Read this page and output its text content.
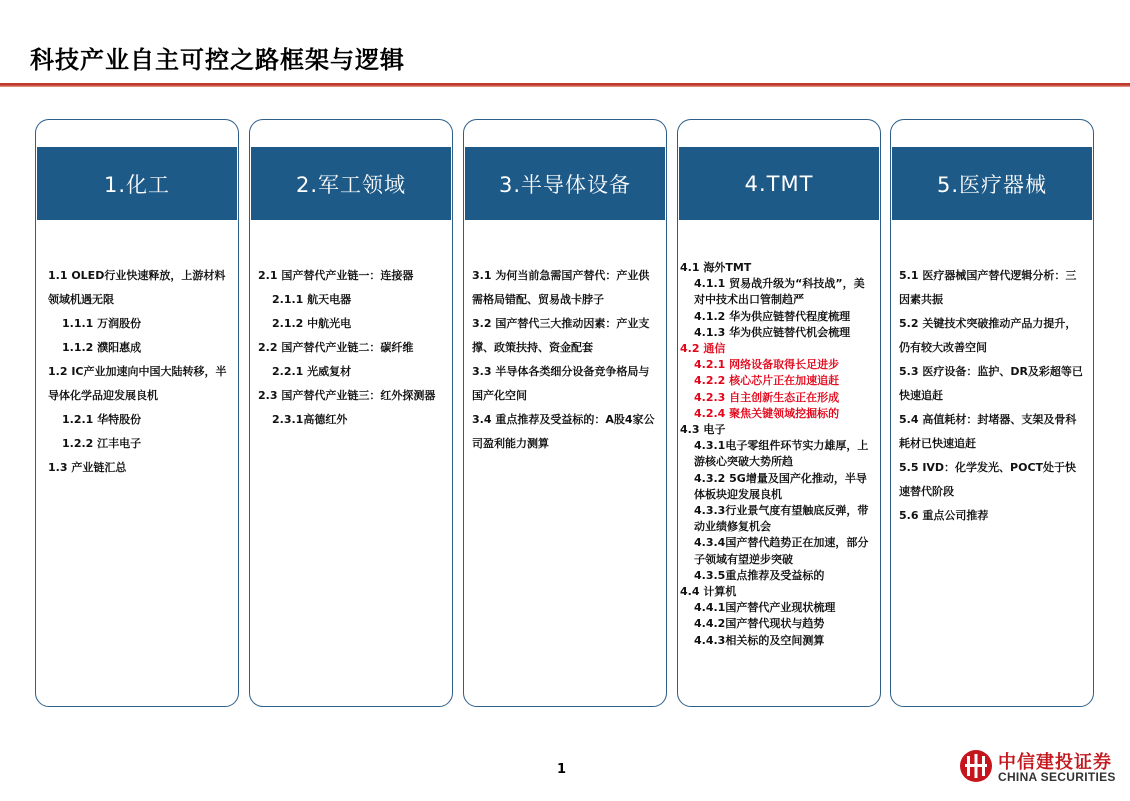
科技产业自主可控之路框架与逻辑
1.化工
1.1 OLED行业快速释放，上游材料领域机遇无限
1.1.1 万润股份
1.1.2 濮阳惠成
1.2 IC产业加速向中国大陆转移，半导体化学品迎发展良机
1.2.1 华特股份
1.2.2 江丰电子
1.3 产业链汇总
2.军工领域
2.1 国产替代产业链一：连接器
2.1.1 航天电器
2.1.2 中航光电
2.2 国产替代产业链二：碳纤维
2.2.1 光威复材
2.3 国产替代产业链三：红外探测器
2.3.1高德红外
3.半导体设备
3.1 为何当前急需国产替代：产业供需格局错配、贸易战卡脖子
3.2 国产替代三大推动因素：产业支撑、政策扶持、资金配套
3.3 半导体各类细分设备竞争格局与国产化空间
3.4 重点推荐及受益标的：A股4家公司盈利能力测算
4.TMT
4.1 海外TMT
4.1.1 贸易战升级为“科技战”，美对中技术出口管制趋严
4.1.2 华为供应链替代程度梳理
4.1.3 华为供应链替代机会梳理
4.2 通信
4.2.1 网络设备取得长足进步
4.2.2 核心芯片正在加速追赶
4.2.3 自主创新生态正在形成
4.2.4 聚焦关键领域挖掘标的
4.3 电子
4.3.1电子零组件环节实力雄厚，上游核心突破大势所趋
4.3.2 5G增量及国产化推动，半导体板块迎发展良机
4.3.3行业景气度有望触底反弹，带动业绩修复机会
4.3.4国产替代趋势正在加速，部分子领域有望逆步突破
4.3.5重点推荐及受益标的
4.4 计算机
4.4.1国产替代产业现状梳理
4.4.2国产替代现状与趋势
4.4.3相关标的及空间测算
5.医疗器械
5.1 医疗器械国产替代逻辑分析：三因素共振
5.2 关键技术突破推动产品力提升，仍有较大改善空间
5.3 医疗设备：监护、DR及彩超等已快速追赶
5.4 高值耗材：封堵器、支架及骨科耗材已快速追赶
5.5 IVD：化学发光、POCT处于快速替代阶段
5.6 重点公司推荐
1	中信建投证券
CHINA SECURITIES
